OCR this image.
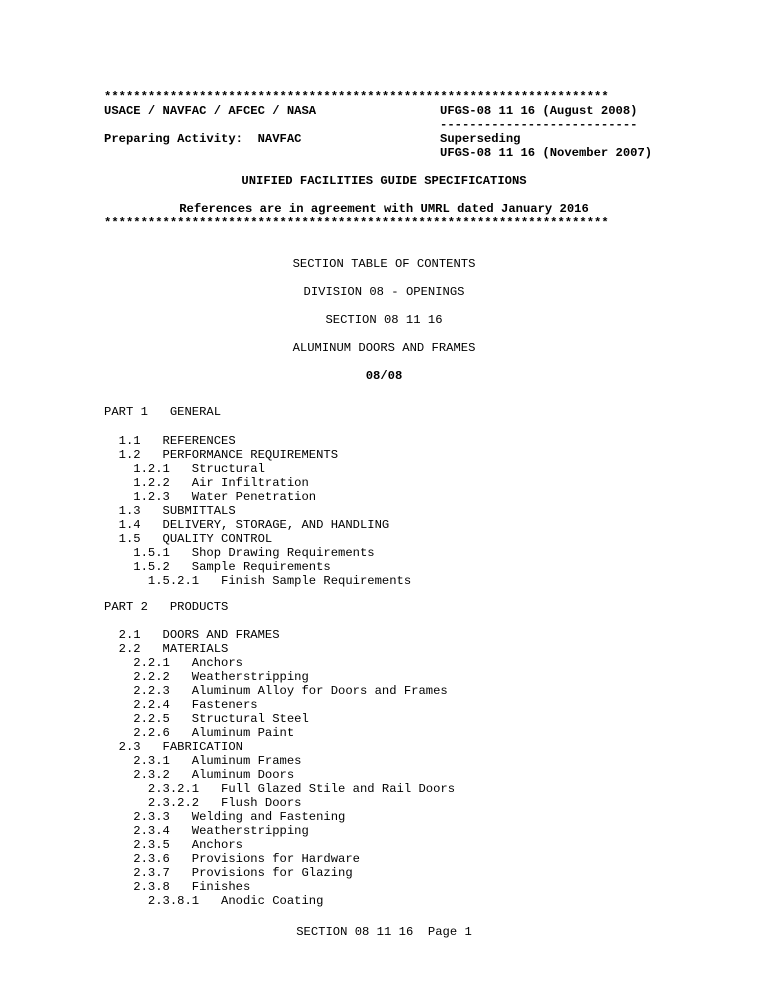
*********************************************************************
USACE / NAVFAC / AFCEC / NASA	UFGS-08 11 16 (August 2008)
---------------------------
Preparing Activity:  NAVFAC	Superseding
UFGS-08 11 16 (November 2007)
UNIFIED FACILITIES GUIDE SPECIFICATIONS
References are in agreement with UMRL dated January 2016
*********************************************************************
SECTION TABLE OF CONTENTS
DIVISION 08 - OPENINGS
SECTION 08 11 16
ALUMINUM DOORS AND FRAMES
08/08
PART 1   GENERAL
1.1   REFERENCES
1.2   PERFORMANCE REQUIREMENTS
1.2.1   Structural
1.2.2   Air Infiltration
1.2.3   Water Penetration
1.3   SUBMITTALS
1.4   DELIVERY, STORAGE, AND HANDLING
1.5   QUALITY CONTROL
1.5.1   Shop Drawing Requirements
1.5.2   Sample Requirements
1.5.2.1   Finish Sample Requirements
PART 2   PRODUCTS
2.1   DOORS AND FRAMES
2.2   MATERIALS
2.2.1   Anchors
2.2.2   Weatherstripping
2.2.3   Aluminum Alloy for Doors and Frames
2.2.4   Fasteners
2.2.5   Structural Steel
2.2.6   Aluminum Paint
2.3   FABRICATION
2.3.1   Aluminum Frames
2.3.2   Aluminum Doors
2.3.2.1   Full Glazed Stile and Rail Doors
2.3.2.2   Flush Doors
2.3.3   Welding and Fastening
2.3.4   Weatherstripping
2.3.5   Anchors
2.3.6   Provisions for Hardware
2.3.7   Provisions for Glazing
2.3.8   Finishes
2.3.8.1   Anodic Coating
SECTION 08 11 16  Page 1
